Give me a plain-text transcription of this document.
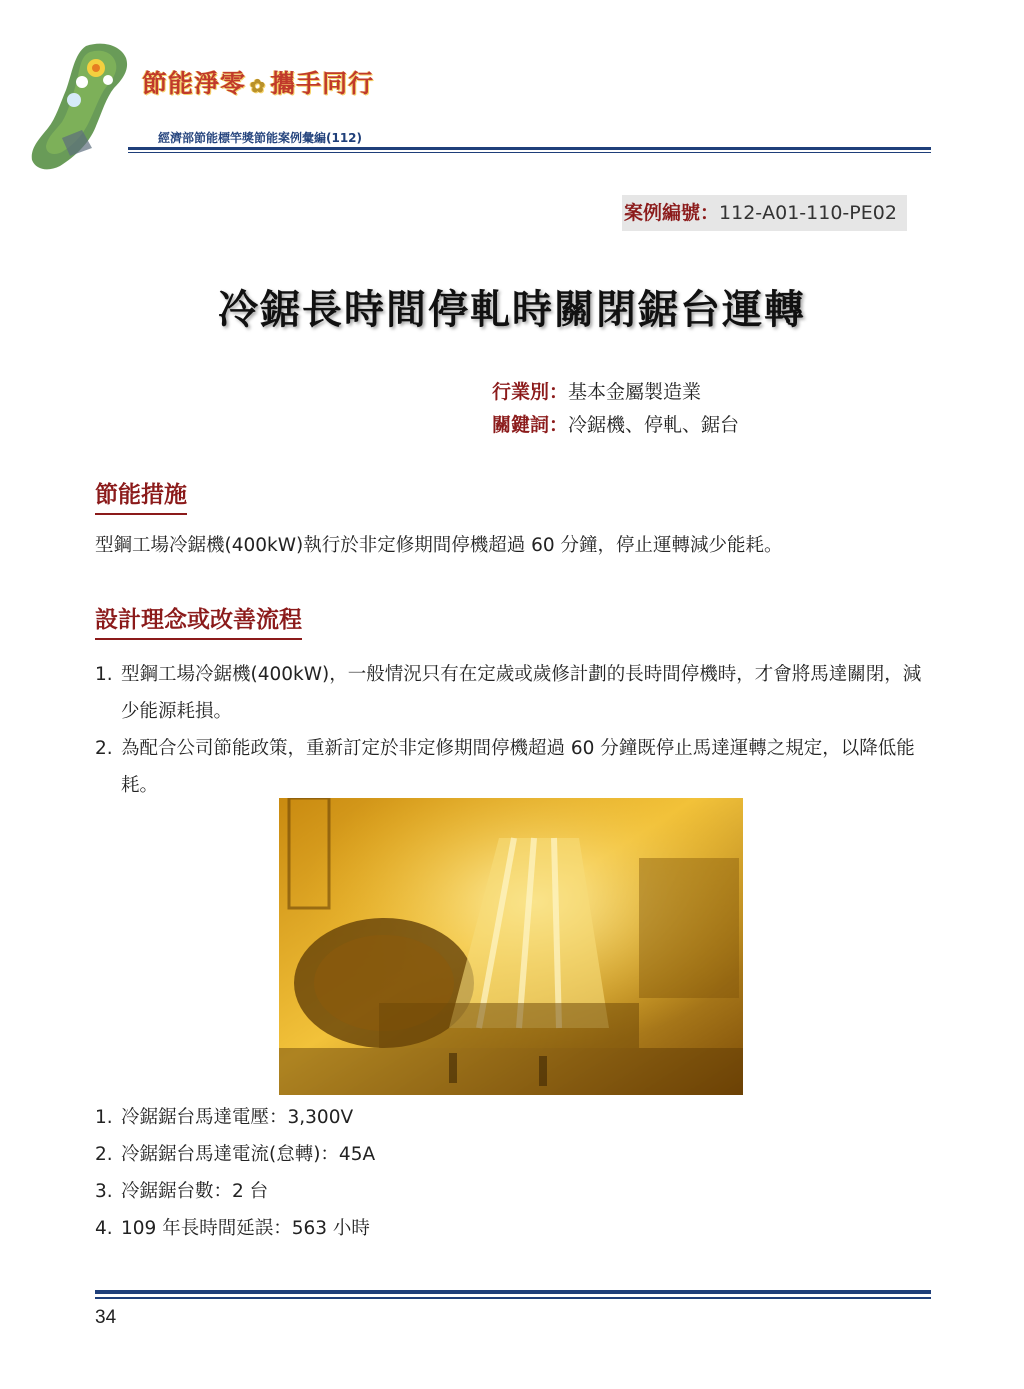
節能淨零 ✿ 攜手同行
經濟部節能標竿獎節能案例彙編(112)
案例編號：112-A01-110-PE02
冷鋸長時間停軋時關閉鋸台運轉
行業別：基本金屬製造業
關鍵詞：冷鋸機、停軋、鋸台
節能措施
型鋼工場冷鋸機(400kW)執行於非定修期間停機超過 60 分鐘，停止運轉減少能耗。
設計理念或改善流程
1. 型鋼工場冷鋸機(400kW)，一般情況只有在定歲或歲修計劃的長時間停機時，才會將馬達關閉，減少能源耗損。
2. 為配合公司節能政策，重新訂定於非定修期間停機超過 60 分鐘既停止馬達運轉之規定，以降低能耗。
1. 冷鋸鋸台馬達電壓：3,300V
2. 冷鋸鋸台馬達電流(怠轉)：45A
3. 冷鋸鋸台數：2 台
4. 109 年長時間延誤：563 小時
34
